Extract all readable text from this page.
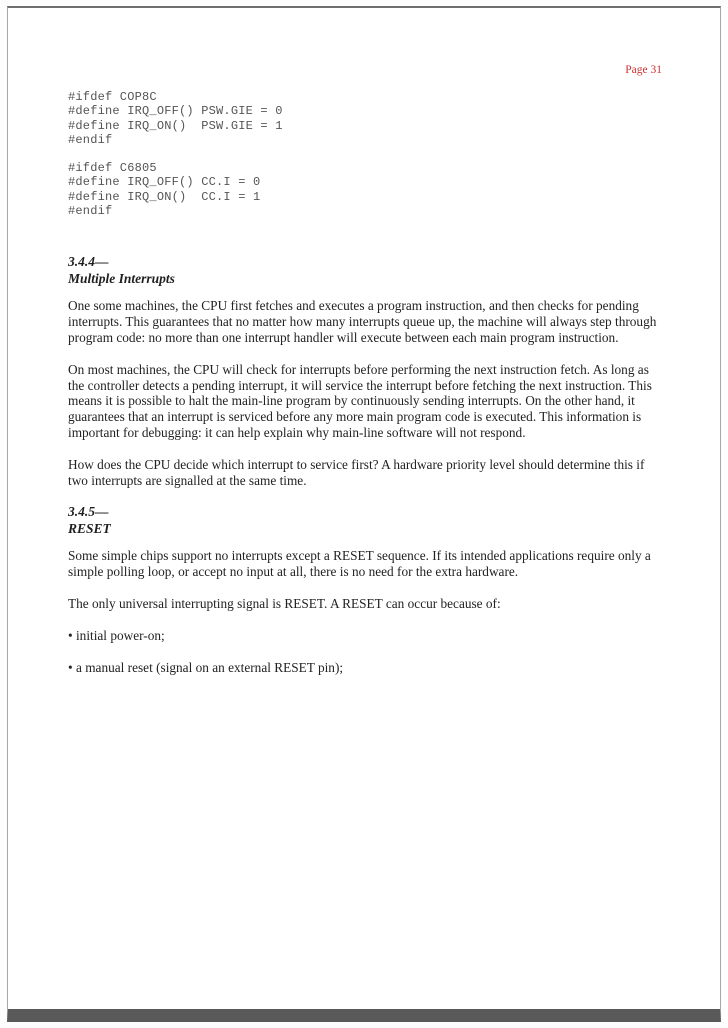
Page 31
#ifdef COP8C
#define IRQ_OFF() PSW.GIE = 0
#define IRQ_ON()  PSW.GIE = 1
#endif
#ifdef C6805
#define IRQ_OFF() CC.I = 0
#define IRQ_ON()  CC.I = 1
#endif
3.4.4—
Multiple Interrupts

One some machines, the CPU first fetches and executes a program instruction, and then checks for pending interrupts. This guarantees that no matter how many interrupts queue up, the machine will always step through program code: no more than one interrupt handler will execute between each main program instruction.

On most machines, the CPU will check for interrupts before performing the next instruction fetch. As long as the controller detects a pending interrupt, it will service the interrupt before fetching the next instruction. This means it is possible to halt the main-line program by continuously sending interrupts. On the other hand, it guarantees that an interrupt is serviced before any more main program code is executed. This information is important for debugging: it can help explain why main-line software will not respond.

How does the CPU decide which interrupt to service first? A hardware priority level should determine this if two interrupts are signalled at the same time.

3.4.5—
RESET

Some simple chips support no interrupts except a RESET sequence. If its intended applications require only a simple polling loop, or accept no input at all, there is no need for the extra hardware.

The only universal interrupting signal is RESET. A RESET can occur because of:

• initial power-on;

• a manual reset (signal on an external RESET pin);
